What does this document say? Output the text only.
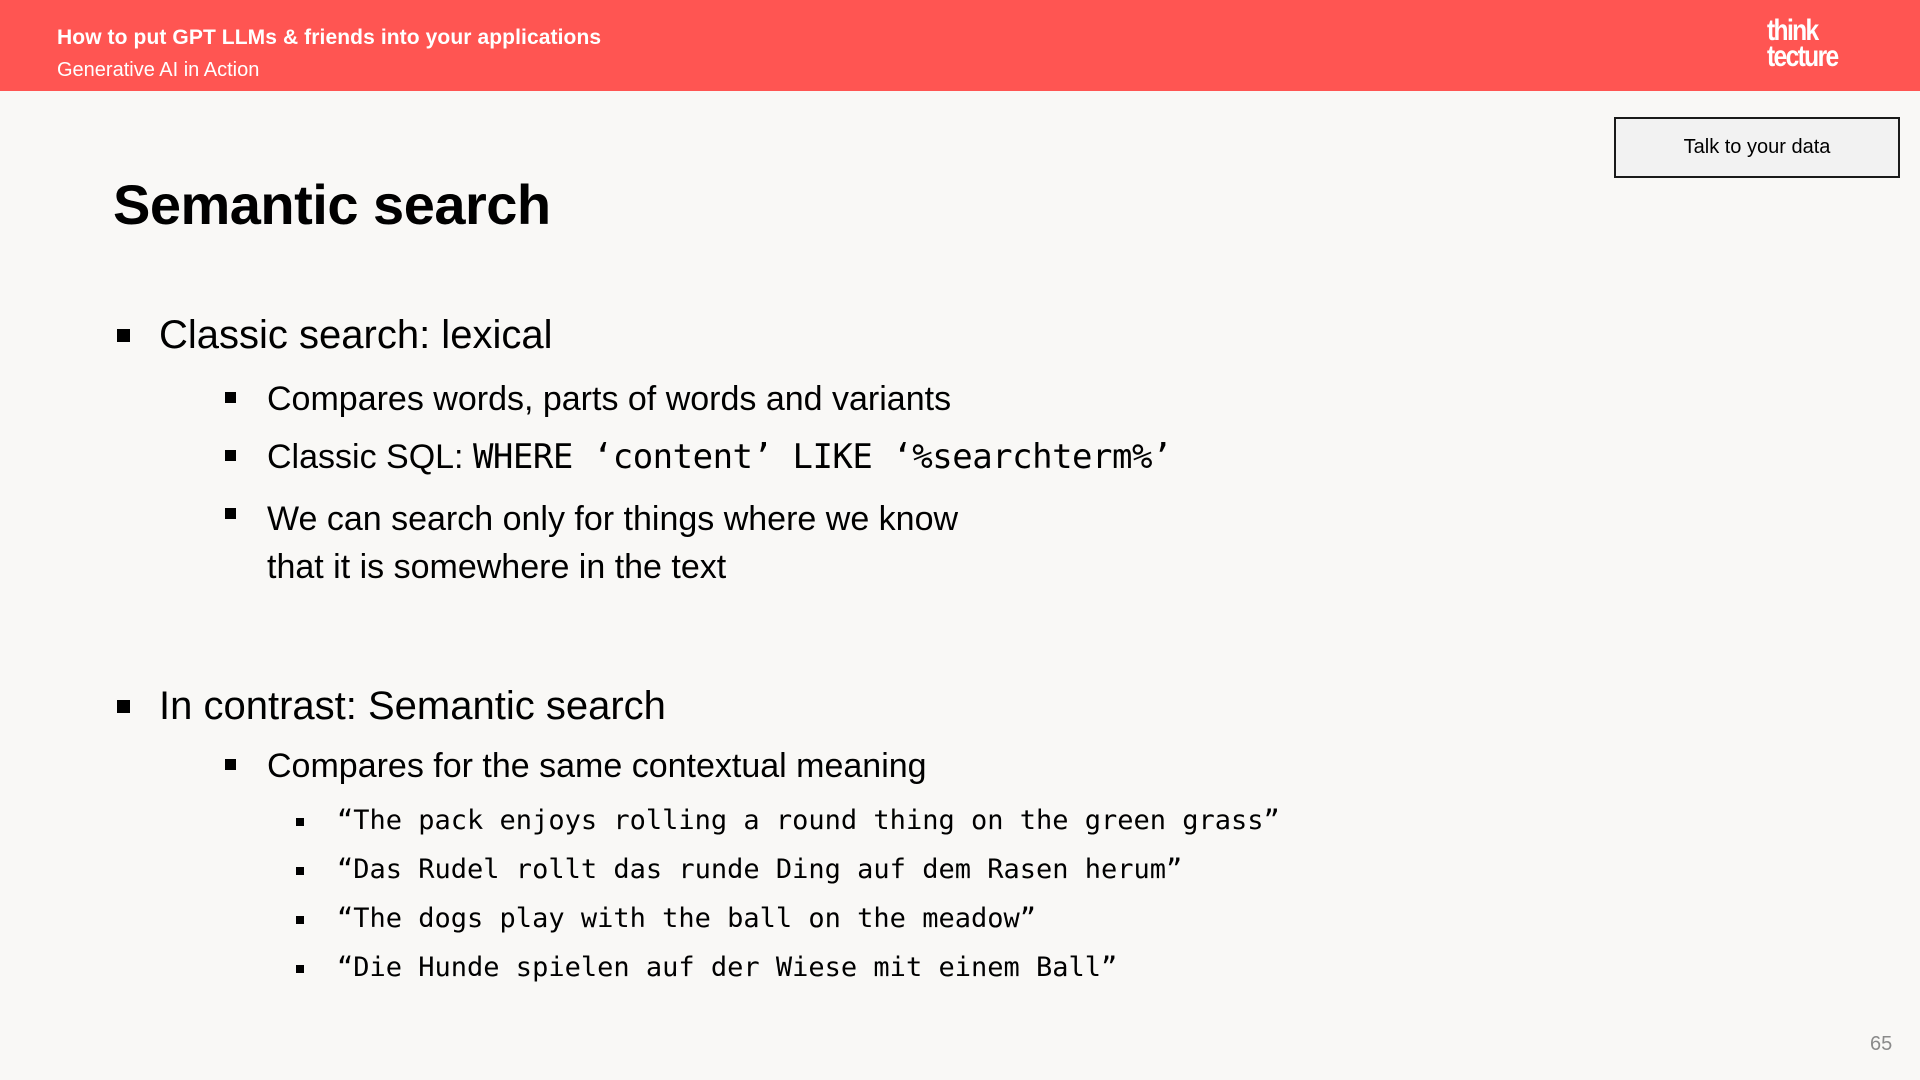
How to put GPT LLMs & friends into your applications
Generative AI in Action
think
tecture
Talk to your data
Semantic search
Classic search: lexical
Compares words, parts of words and variants
Classic SQL: WHERE ‘content’ LIKE ‘%searchterm%’
We can search only for things where we know
that it is somewhere in the text
In contrast: Semantic search
Compares for the same contextual meaning
“The pack enjoys rolling a round thing on the green grass”
“Das Rudel rollt das runde Ding auf dem Rasen herum”
“The dogs play with the ball on the meadow”
“Die Hunde spielen auf der Wiese mit einem Ball”
65
